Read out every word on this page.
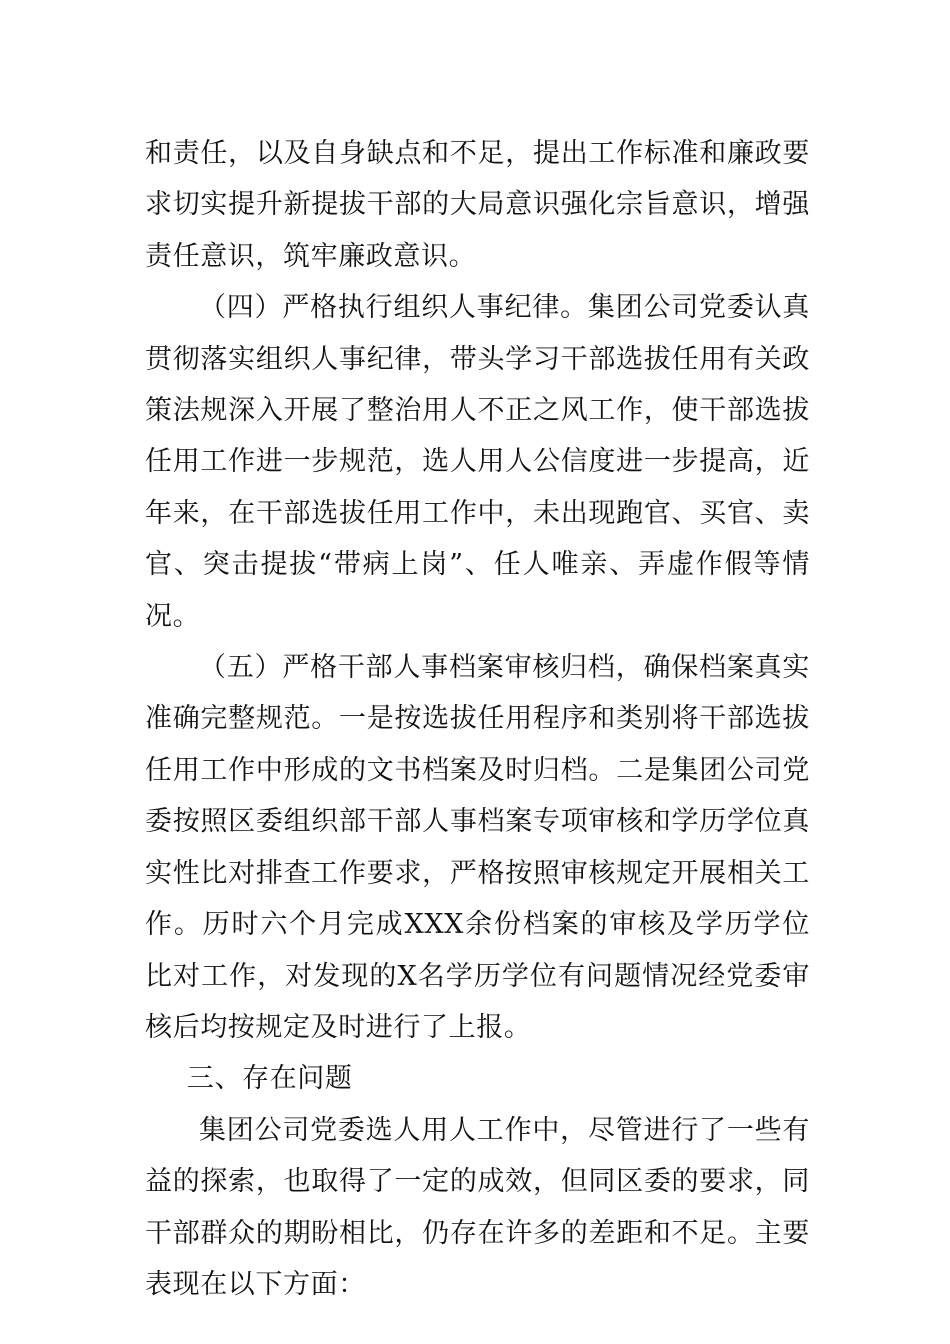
和责任，以及自身缺点和不足，提出工作标准和廉政要求切实提升新提拔干部的大局意识强化宗旨意识，增强责任意识，筑牢廉政意识。

（四）严格执行组织人事纪律。集团公司党委认真贯彻落实组织人事纪律，带头学习干部选拔任用有关政策法规深入开展了整治用人不正之风工作，使干部选拔任用工作进一步规范，选人用人公信度进一步提高，近年来，在干部选拔任用工作中，未出现跑官、买官、卖官、突击提拔“带病上岗”、任人唯亲、弄虚作假等情况。

（五）严格干部人事档案审核归档，确保档案真实准确完整规范。一是按选拔任用程序和类别将干部选拔任用工作中形成的文书档案及时归档。二是集团公司党委按照区委组织部干部人事档案专项审核和学历学位真实性比对排查工作要求，严格按照审核规定开展相关工作。历时六个月完成XXX余份档案的审核及学历学位比对工作，对发现的X名学历学位有问题情况经党委审核后均按规定及时进行了上报。

三、存在问题

集团公司党委选人用人工作中，尽管进行了一些有益的探索，也取得了一定的成效，但同区委的要求，同干部群众的期盼相比，仍存在许多的差距和不足。主要表现在以下方面：
